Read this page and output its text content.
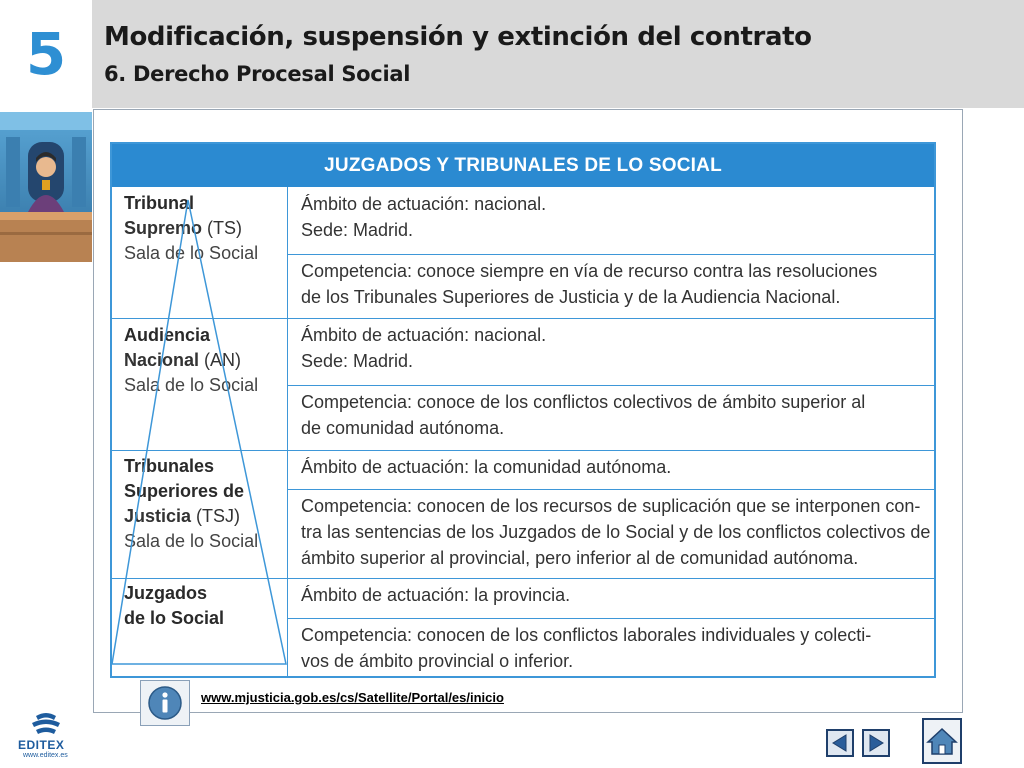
5 Modificación, suspensión y extinción del contrato
6. Derecho Procesal Social
JUZGADOS Y TRIBUNALES DE LO SOCIAL
Tribunal
Supremo (TS)
Sala de lo Social
Ámbito de actuación: nacional.
Sede: Madrid.
Competencia: conoce siempre en vía de recurso contra las resoluciones
de los Tribunales Superiores de Justicia y de la Audiencia Nacional.
Audiencia
Nacional (AN)
Sala de lo Social
Ámbito de actuación: nacional.
Sede: Madrid.
Competencia: conoce de los conflictos colectivos de ámbito superior al
de comunidad autónoma.
Tribunales
Superiores de
Justicia (TSJ)
Sala de lo Social
Ámbito de actuación: la comunidad autónoma.
Competencia: conocen de los recursos de suplicación que se interponen con-
tra las sentencias de los Juzgados de lo Social y de los conflictos colectivos de
ámbito superior al provincial, pero inferior al de comunidad autónoma.
Juzgados
de lo Social
Ámbito de actuación: la provincia.
Competencia: conocen de los conflictos laborales individuales y colecti-
vos de ámbito provincial o inferior.
www.mjusticia.gob.es/cs/Satellite/Portal/es/inicio
EDITEX
www.editex.es
